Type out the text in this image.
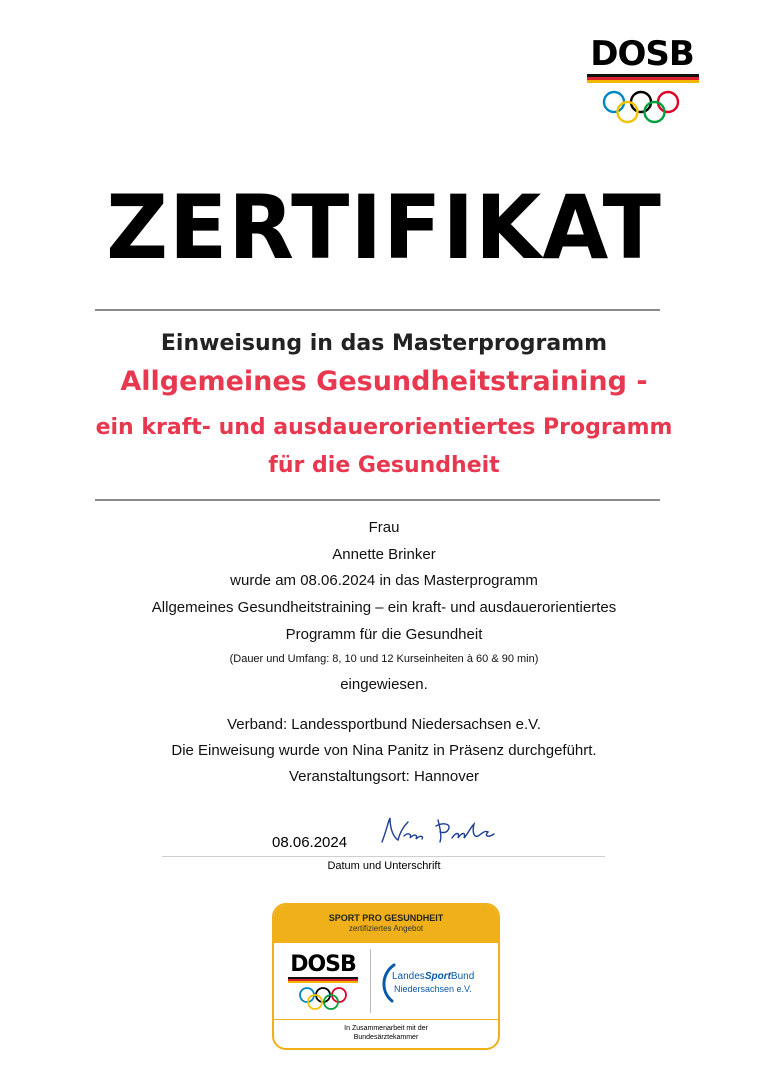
DOSB
ZERTIFIKAT
Einweisung in das Masterprogramm
Allgemeines Gesundheitstraining -
ein kraft- und ausdauerorientiertes Programm
für die Gesundheit
Frau
Annette Brinker
wurde am 08.06.2024 in das Masterprogramm
Allgemeines Gesundheitstraining – ein kraft- und ausdauerorientiertes
Programm für die Gesundheit
(Dauer und Umfang: 8, 10 und 12 Kurseinheiten à 60 & 90 min)
eingewiesen.
Verband: Landessportbund Niedersachsen e.V.
Die Einweisung wurde von Nina Panitz in Präsenz durchgeführt.
Veranstaltungsort: Hannover
08.06.2024
Datum und Unterschrift
SPORT PRO GESUNDHEIT
zertifiziertes Angebot
DOSB	LandesSportBund
Niedersachsen e.V.
In Zusammenarbeit mit der
Bundesärztekammer
